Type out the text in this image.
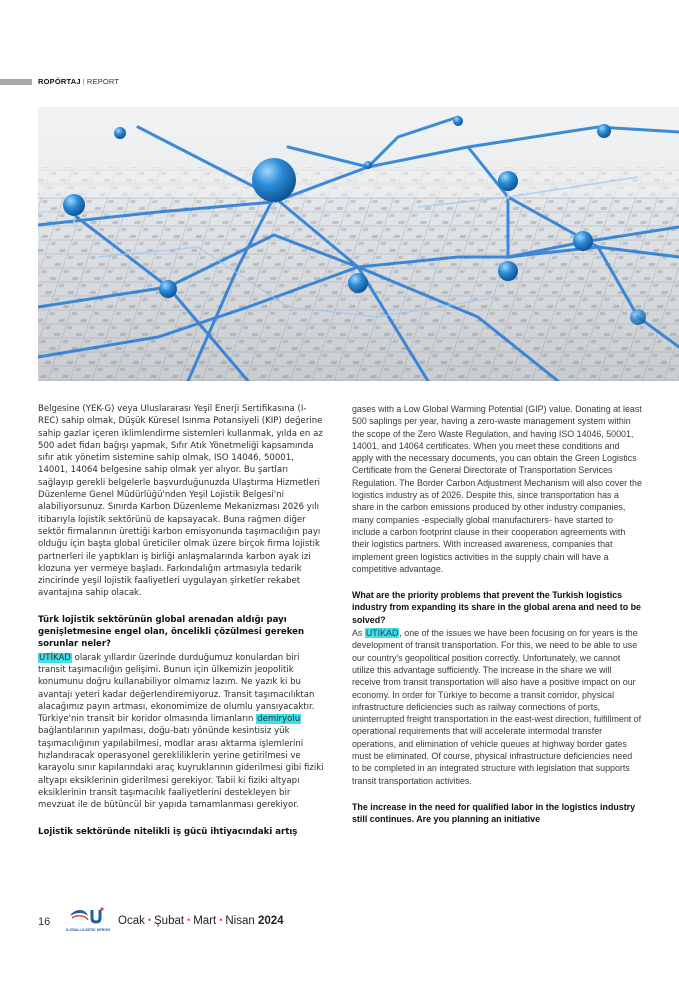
ROPÖRTAJ | REPORT

Belgesine (YEK-G) veya Uluslararası Yeşil Enerji Sertifikasına (I-REC) sahip olmak, Düşük Küresel Isınma Potansiyeli (KIP) değerine sahip gazlar içeren iklimlendirme sistemleri kullanmak, yılda en az 500 adet fidan bağışı yapmak, Sıfır Atık Yönetmeliği kapsamında sıfır atık yönetim sistemine sahip olmak, ISO 14046, 50001, 14001, 14064 belgesine sahip olmak yer alıyor. Bu şartları sağlayıp gerekli belgelerle başvurduğunuzda Ulaştırma Hizmetleri Düzenleme Genel Müdürlüğü'nden Yeşil Lojistik Belgesi'ni alabiliyorsunuz. Sınırda Karbon Düzenleme Mekanizması 2026 yılı itibarıyla lojistik sektörünü de kapsayacak. Buna rağmen diğer sektör firmalarının ürettiği karbon emisyonunda taşımacılığın payı olduğu için başta global üreticiler olmak üzere birçok firma lojistik partnerleri ile yaptıkları iş birliği anlaşmalarında karbon ayak izi klozuna yer vermeye başladı. Farkındalığın artmasıyla tedarik zincirinde yeşil lojistik faaliyetleri uygulayan şirketler rekabet avantajına sahip olacak.

Türk lojistik sektörünün global arenadan aldığı payı genişletmesine engel olan, öncelikli çözülmesi gereken sorunlar neler?

UTİKAD olarak yıllardır üzerinde durduğumuz konulardan biri transit taşımacılığın gelişimi. Bunun için ülkemizin jeopolitik konumunu doğru kullanabiliyor olmamız lazım. Ne yazık ki bu avantajı yeteri kadar değerlendiremiyoruz. Transit taşımacılıktan alacağımız payın artması, ekonomimize de olumlu yansıyacaktır. Türkiye'nin transit bir koridor olmasında limanların demiryolu bağlantılarının yapılması, doğu-batı yönünde kesintisiz yük taşımacılığının yapılabilmesi, modlar arası aktarma işlemlerini hızlandıracak operasyonel gerekliliklerin yerine getirilmesi ve karayolu sınır kapılarındaki araç kuyruklarının giderilmesi gibi fiziki altyapı eksiklerinin giderilmesi gerekiyor. Tabii ki fiziki altyapı eksiklerinin transit taşımacılık faaliyetlerini destekleyen bir mevzuat ile de bütüncül bir yapıda tamamlanması gerekiyor.

Lojistik sektöründe nitelikli iş gücü ihtiyacındaki artış

gases with a Low Global Warming Potential (GIP) value. Donating at least 500 saplings per year, having a zero-waste management system within the scope of the Zero Waste Regulation, and having ISO 14046, 50001, 14001, and 14064 certificates. When you meet these conditions and apply with the necessary documents, you can obtain the Green Logistics Certificate from the General Directorate of Transportation Services Regulation. The Border Carbon Adjustment Mechanism will also cover the logistics industry as of 2026. Despite this, since transportation has a share in the carbon emissions produced by other industry companies, many companies -especially global manufacturers- have started to include a carbon footprint clause in their cooperation agreements with their logistics partners. With increased awareness, companies that implement green logistics activities in the supply chain will have a competitive advantage.

What are the priority problems that prevent the Turkish logistics industry from expanding its share in the global arena and need to be solved?

As UTIKAD, one of the issues we have been focusing on for years is the development of transit transportation. For this, we need to be able to use our country's geopolitical position correctly. Unfortunately, we cannot utilize this advantage sufficiently. The increase in the share we will receive from transit transportation will also have a positive impact on our economy. In order for Türkiye to become a transit corridor, physical infrastructure deficiencies such as railway connections of ports, uninterrupted freight transportation in the east-west direction, fulfillment of operational requirements that will accelerate intermodal transfer operations, and elimination of vehicle queues at highway border gates must be eliminated. Of course, physical infrastructure deficiencies need to be completed in an integrated structure with legislation that supports transit transportation activities.

The increase in the need for qualified labor in the logistics industry still continues. Are you planning an initiative

16
GLOBALLOJISTIK DERGISI
Ocak • Şubat • Mart • Nisan 2024
